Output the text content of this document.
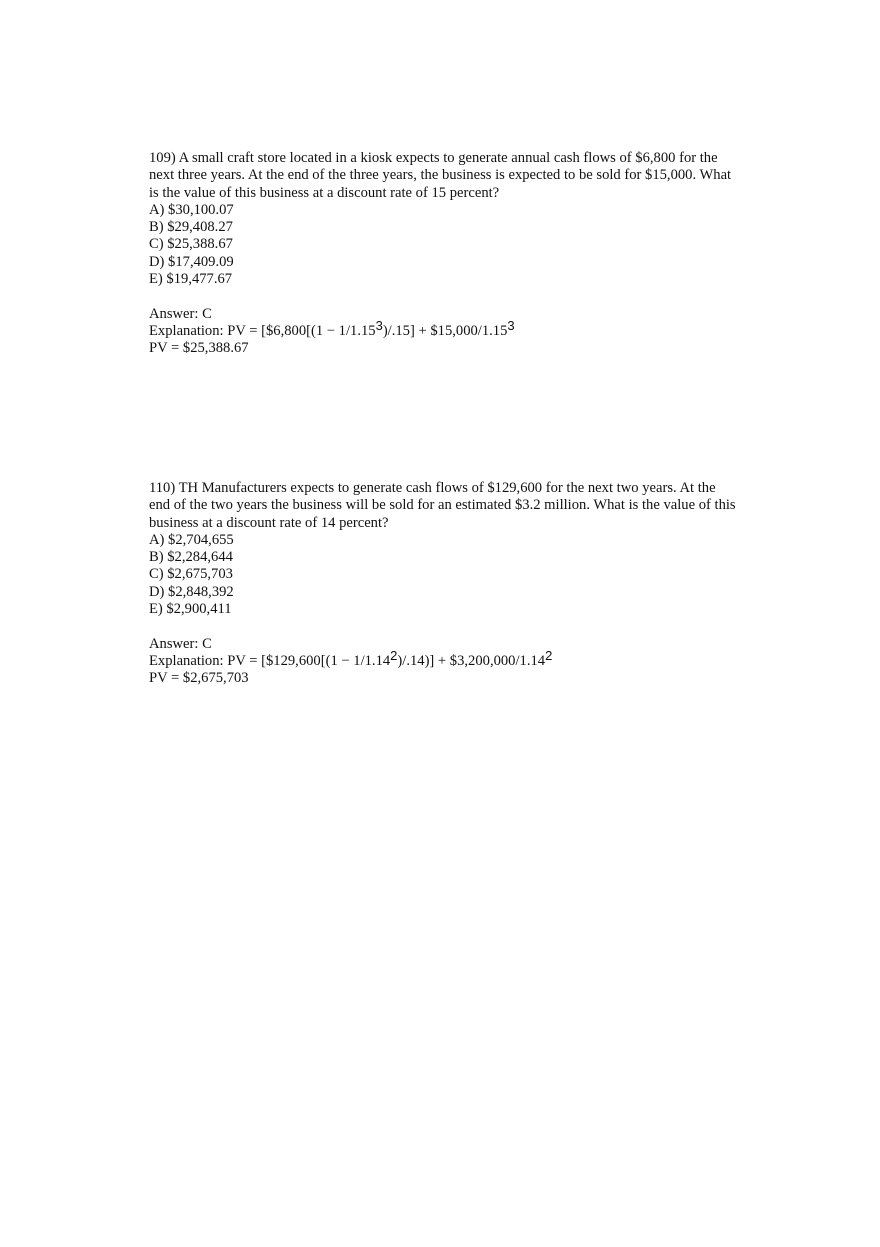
109) A small craft store located in a kiosk expects to generate annual cash flows of $6,800 for the next three years. At the end of the three years, the business is expected to be sold for $15,000. What is the value of this business at a discount rate of 15 percent?

A) $30,100.07
B) $29,408.27
C) $25,388.67
D) $17,409.09
E) $19,477.67

Answer: C

Explanation: PV = [$6,800[(1 − 1/1.153)/.15] + $15,000/1.153

PV = $25,388.67

110) TH Manufacturers expects to generate cash flows of $129,600 for the next two years. At the end of the two years the business will be sold for an estimated $3.2 million. What is the value of this business at a discount rate of 14 percent?

A) $2,704,655
B) $2,284,644
C) $2,675,703
D) $2,848,392
E) $2,900,411

Answer: C

Explanation: PV = [$129,600[(1 − 1/1.142)/.14)] + $3,200,000/1.142

PV = $2,675,703
